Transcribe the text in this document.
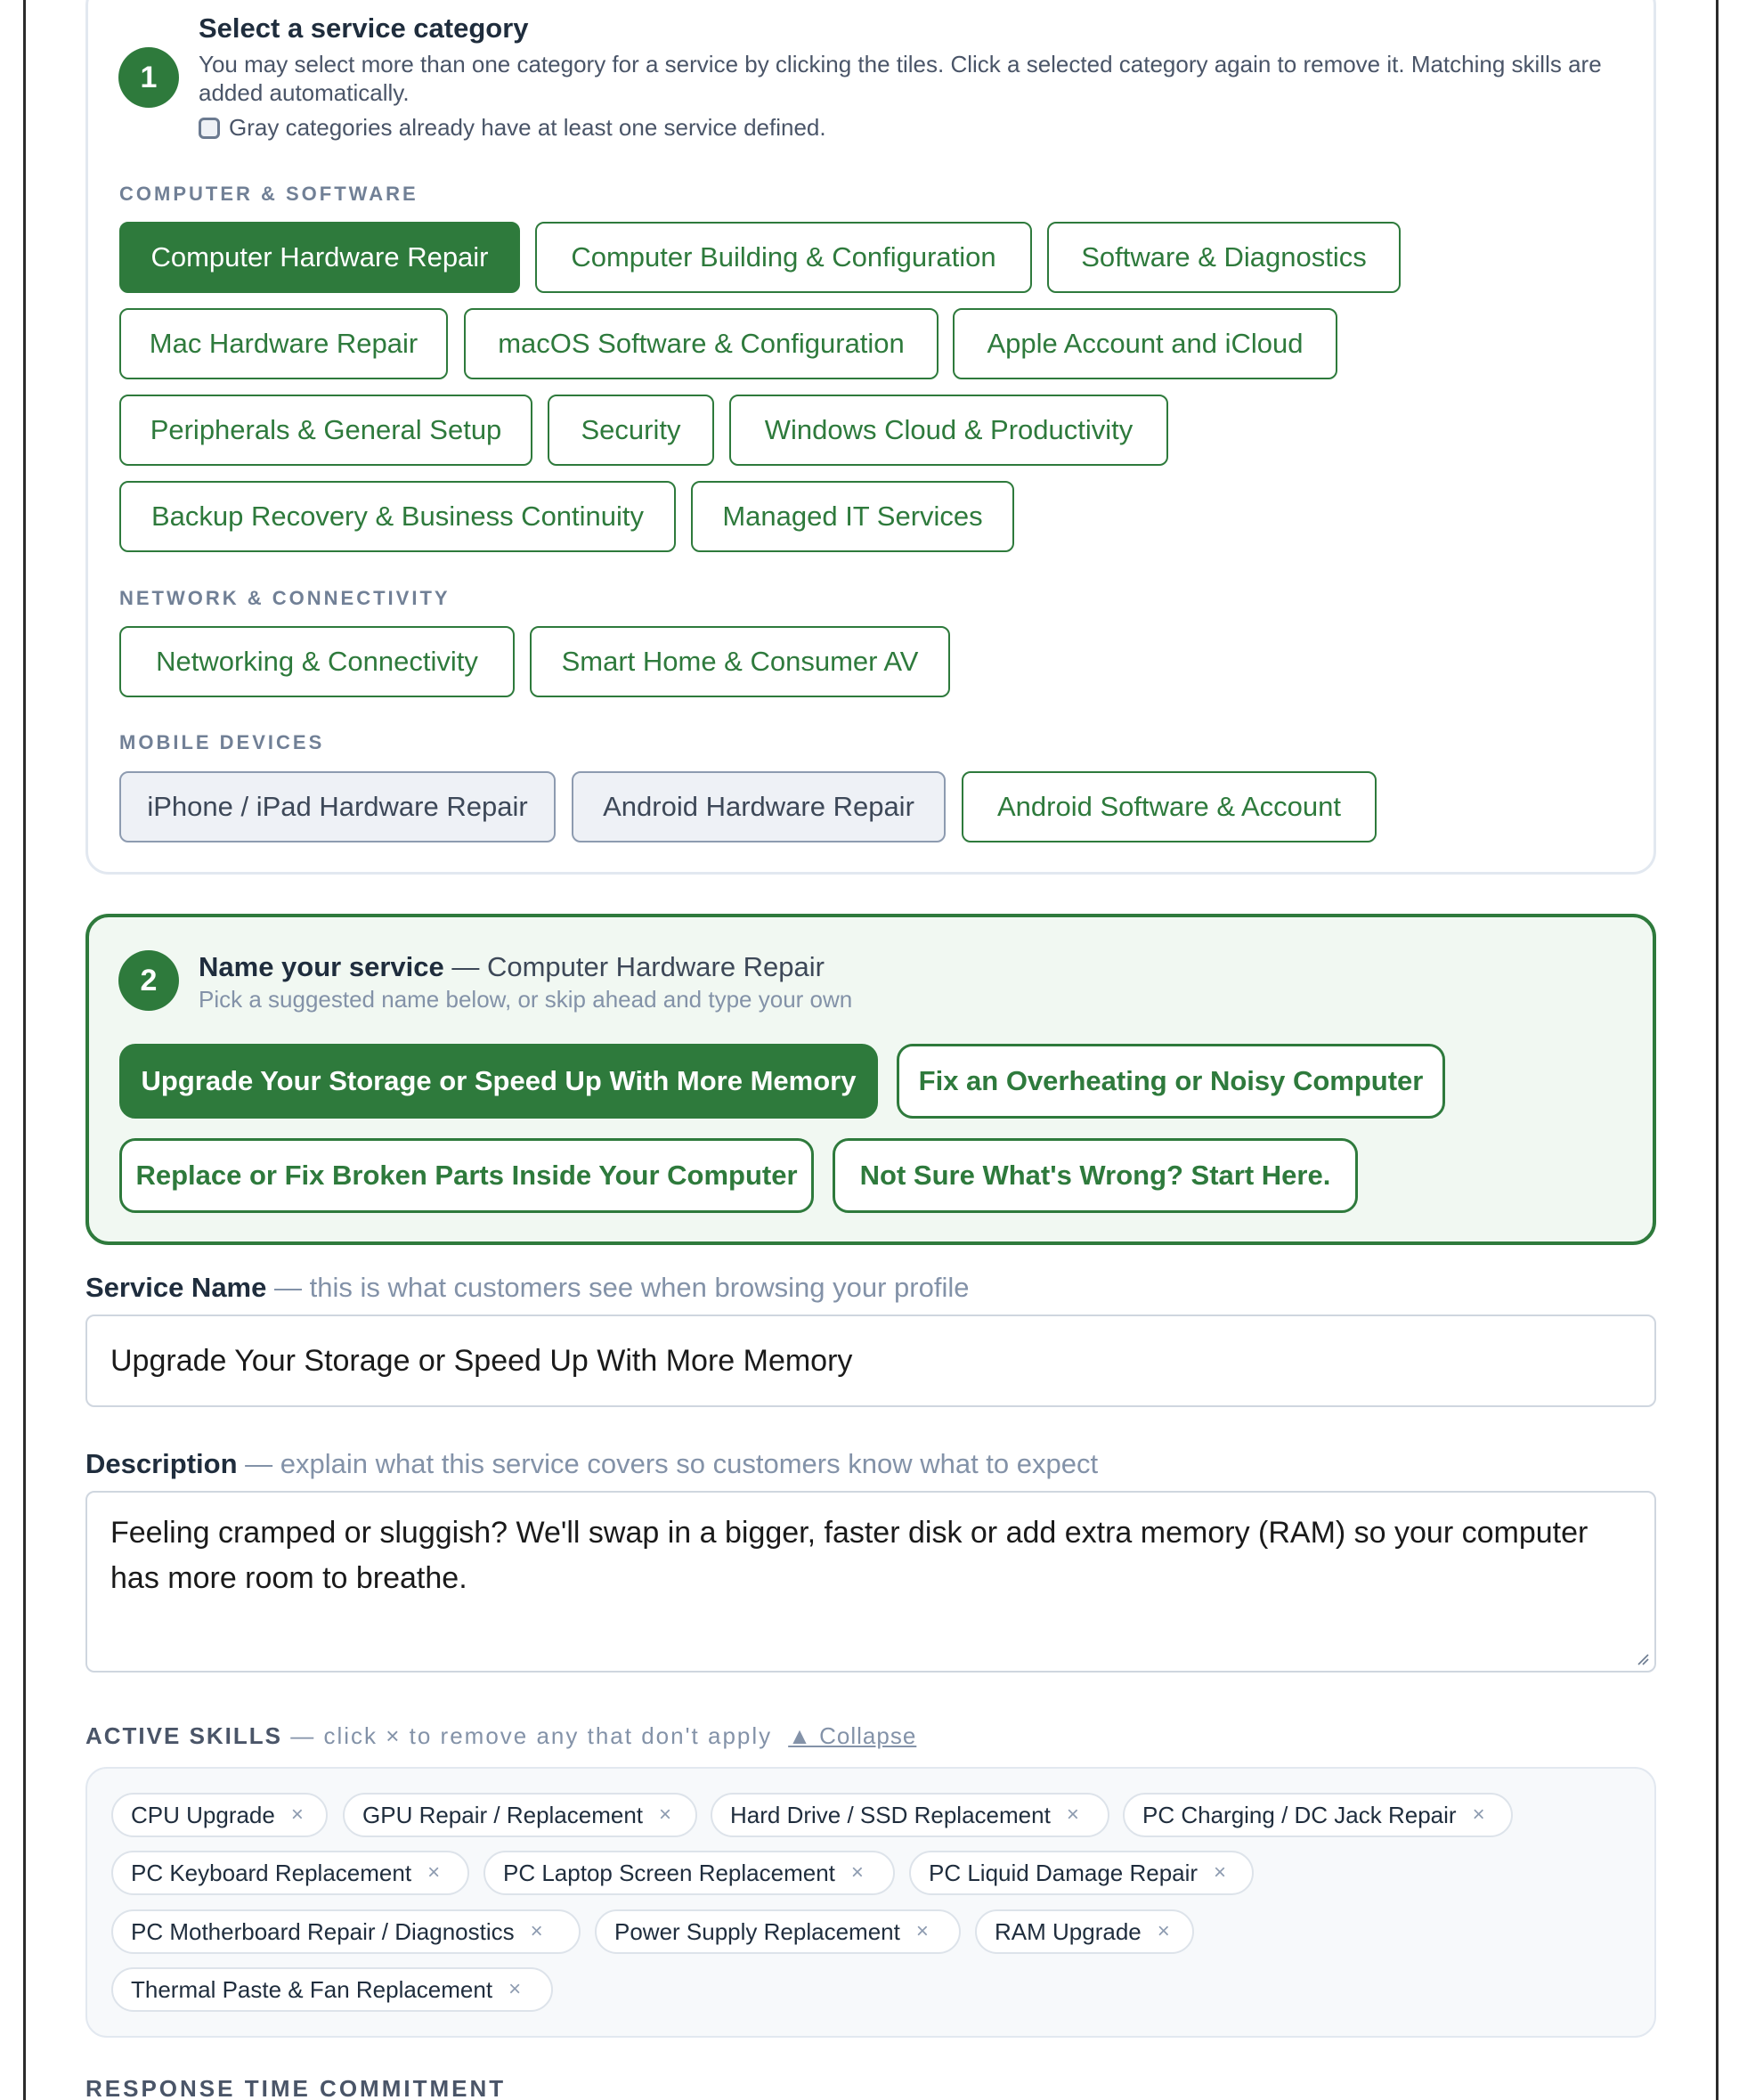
1
Select a service category
You may select more than one category for a service by clicking the tiles. Click a selected category again to remove it. Matching skills are added automatically.
Gray categories already have at least one service defined.
COMPUTER & SOFTWARE
Computer Hardware Repair	Computer Building & Configuration	Software & Diagnostics
Mac Hardware Repair	macOS Software & Configuration	Apple Account and iCloud
Peripherals & General Setup	Security	Windows Cloud & Productivity
Backup Recovery & Business Continuity	Managed IT Services
NETWORK & CONNECTIVITY
Networking & Connectivity	Smart Home & Consumer AV
MOBILE DEVICES
iPhone / iPad Hardware Repair	Android Hardware Repair	Android Software & Account
2 Name your service — Computer Hardware Repair
Pick a suggested name below, or skip ahead and type your own
Upgrade Your Storage or Speed Up With More Memory	Fix an Overheating or Noisy Computer
Replace or Fix Broken Parts Inside Your Computer	Not Sure What's Wrong? Start Here.
Service Name — this is what customers see when browsing your profile
Upgrade Your Storage or Speed Up With More Memory
Description — explain what this service covers so customers know what to expect
Feeling cramped or sluggish? We'll swap in a bigger, faster disk or add extra memory (RAM) so your computer has more room to breathe.
ACTIVE SKILLS — click × to remove any that don't apply ▲ Collapse
CPU Upgrade ×	GPU Repair / Replacement ×	Hard Drive / SSD Replacement ×	PC Charging / DC Jack Repair ×
PC Keyboard Replacement ×	PC Laptop Screen Replacement ×	PC Liquid Damage Repair ×
PC Motherboard Repair / Diagnostics ×	Power Supply Replacement ×	RAM Upgrade ×
Thermal Paste & Fan Replacement ×
RESPONSE TIME COMMITMENT
